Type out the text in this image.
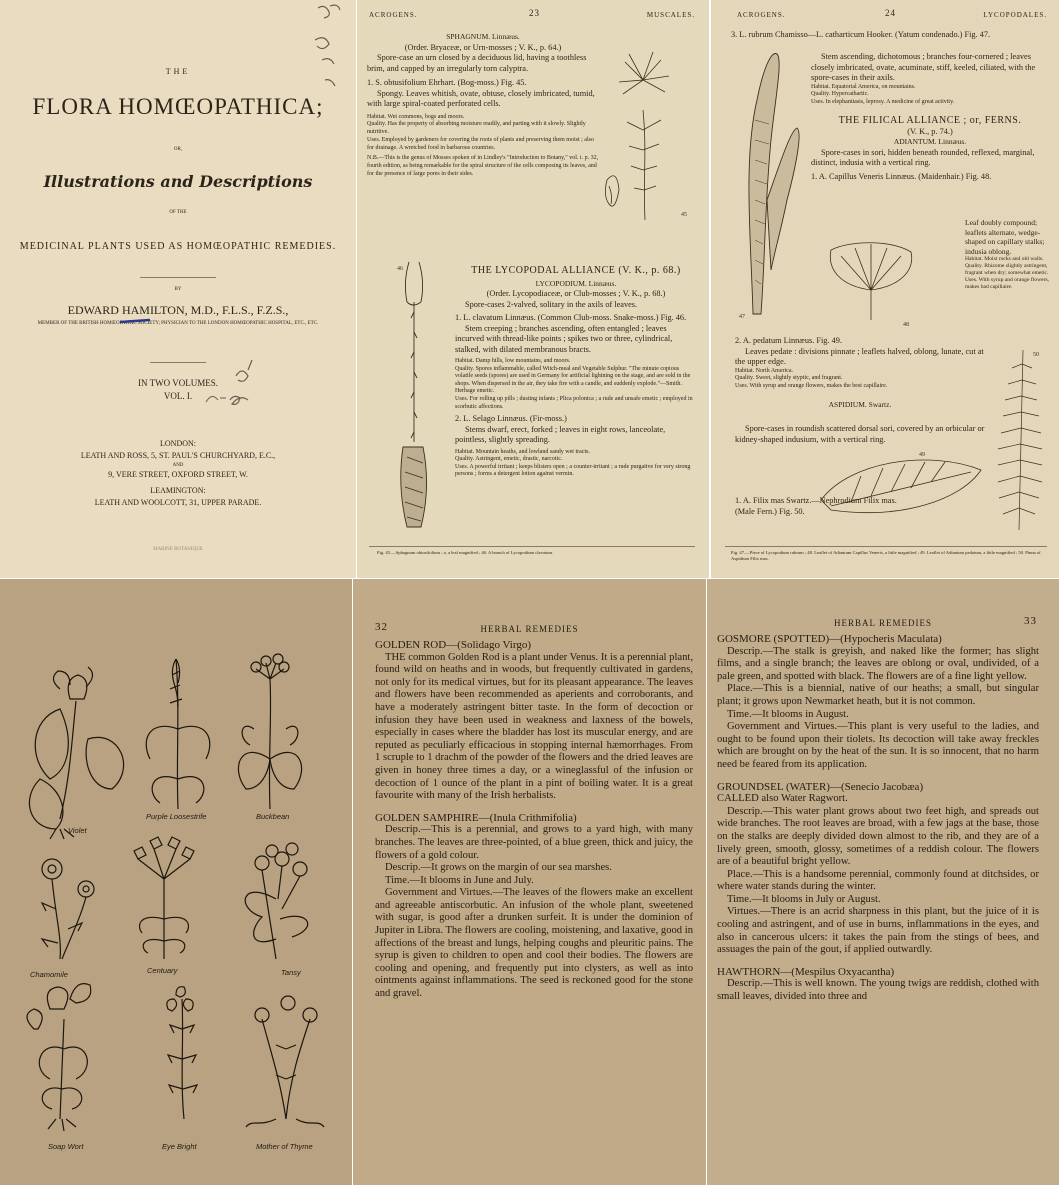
THE
FLORA HOMŒOPATHICA;
OR,
Illustrations and Descriptions
OF THE
MEDICINAL PLANTS USED AS HOMŒOPATHIC REMEDIES.
BY
EDWARD HAMILTON, M.D., F.L.S., F.Z.S.,
MEMBER OF THE BRITISH HOMŒOPATHIC SOCIETY; PHYSICIAN TO THE LONDON HOMŒOPATHIC HOSPITAL, ETC., ETC.
IN TWO VOLUMES.
VOL. I.
LONDON:
LEATH AND ROSS, 5, ST. PAUL'S CHURCHYARD, E.C.,
AND
9, VERE STREET, OXFORD STREET, W.
LEAMINGTON:
LEATH AND WOOLCOTT, 31, UPPER PARADE.
MARINE BOTANIQUE
ACROGENS.	23	MUSCALES.

SPHAGNUM. Linnæus.

(Order. Bryaceæ, or Urn-mosses ; V. K., p. 64.)

Spore-case an urn closed by a deciduous lid, having a toothless brim, and capped by an irregularly torn calyptra.

1. S. obtusifolium Ehrhart. (Bog-moss.) Fig. 45.

Spongy. Leaves whitish, ovate, obtuse, closely imbricated, tumid, with large spiral-coated perforated cells.

Habitat. Wet commons, bogs and moors.

Quality. Has the property of absorbing moisture readily, and parting with it slowly. Slightly nutritive.

Uses. Employed by gardeners for covering the roots of plants and preserving them moist ; also for drainage. A wretched food in barbarous countries.

N.B.—This is the genus of Mosses spoken of in Lindley's "Introduction to Botany," vol. i. p. 32, fourth edition, as being remarkable for the spiral structure of the cells composing its leaves, and for the presence of large pores in their sides.

45
46	THE LYCOPODAL ALLIANCE (V. K., p. 68.)

LYCOPODIUM. Linnæus.

(Order. Lycopodiaceæ, or Club-mosses ; V. K., p. 68.)

Spore-cases 2-valved, solitary in the axils of leaves.

1. L. clavatum Linnæus. (Common Club-moss. Snake-moss.) Fig. 46.

Stem creeping ; branches ascending, often entangled ; leaves incurved with thread-like points ; spikes two or three, cylindrical, stalked, with dilated membranous bracts.

Habitat. Damp hills, low mountains, and moors.

Quality. Spores inflammable, called Witch-meal and Vegetable Sulphur. "The minute copious volatile seeds (spores) are used in Germany for artificial lightning on the stage, and are sold in the shops. When dispersed in the air, they take fire with a candle, and suddenly explode."—Smith. Herbage emetic.

Uses. For rolling up pills ; dusting infants ; Plica polonica ; a rude and unsafe emetic ; employed in scorbutic affections.

2. L. Selago Linnæus. (Fir-moss.)

Stems dwarf, erect, forked ; leaves in eight rows, lanceolate, pointless, slightly spreading.

Habitat. Mountain heaths, and lowland sandy wet tracts.

Quality. Astringent, emetic, drastic, narcotic.

Uses. A powerful irritant ; keeps blisters open ; a counter-irritant ; a rude purgative for very strong persons ; forms a detergent lotion against vermin.

Fig. 45.—Sphagnum obtusifolium ; a, a leaf magnified ; 46. A branch of Lycopodium clavatum.
ACROGENS.	24	LYCOPODALES.
47

3. L. rubrum Chamisso—L. catharticum Hooker. (Yatum condenado.) Fig. 47.

Stem ascending, dichotomous ; branches four-cornered ; leaves closely imbricated, ovate, acuminate, stiff, keeled, ciliated, with the spore-cases in their axils.

Habitat. Equatorial America, on mountains.

Quality. Hypercathartic.

Uses. In elephantiasis, leprosy. A medicine of great activity.

THE FILICAL ALLIANCE ; or, FERNS.

(V. K., p. 74.)

ADIANTUM. Linnæus.

Spore-cases in sori, hidden beneath rounded, reflexed, marginal, distinct, indusia with a vertical ring.

1. A. Capillus Veneris Linnæus. (Maidenhair.) Fig. 48.

48

Leaf doubly compound; leaflets alternate, wedge-shaped on capillary stalks; indusia oblong.

Habitat. Moist rocks and old walls.

Quality. Rhizome slightly astringent, fragrant when dry; somewhat emetic.

Uses. With syrup and orange flowers, makes bad capillaire.

2. A. pedatum Linnæus. Fig. 49.

Leaves pedate : divisions pinnate ; leaflets halved, oblong, lunate, cut at the upper edge.

Habitat. North America.

Quality. Sweet, slightly styptic, and fragrant.

Uses. With syrup and orange flowers, makes the best capillaire.

ASPIDIUM. Swartz.

Spore-cases in roundish scattered dorsal sori, covered by an orbicular or kidney-shaped indusium, with a vertical ring.

1. A. Filix mas Swartz.—Nephrodium Filix mas. (Male Fern.) Fig. 50.

49
50
Fig. 47.—Piece of Lycopodium rubrum ; 48. Leaflet of Adiantum Capillus Veneris, a little magnified ; 49. Leaflet of Adiantum pedatum, a little magnified ; 50. Pinna of Aspidium Filix mas.
Violet
Purple Loosestrife	Buckbean
Chamomile	Centuary	Tansy
Soap Wort	Eye Bright	Mother of Thyme
32	HERBAL REMEDIES

GOLDEN ROD—(Solidago Virgo)

THE common Golden Rod is a plant under Venus. It is a perennial plant, found wild on heaths and in woods, but frequently cultivated in gardens, not only for its medical virtues, but for its pleasant appearance. The leaves and flowers have been recommended as aperients and corroborants, and have a moderately astringent bitter taste. In the form of decoction or infusion they have been used in weakness and laxness of the bowels, especially in cases where the bladder has lost its muscular energy, and are reputed as peculiarly efficacious in stopping internal hæmorrhages. From 1 scruple to 1 drachm of the powder of the flowers and the dried leaves are given in honey three times a day, or a wineglassful of the infusion or decoction of 1 ounce of the plant in a pint of boiling water. It is a great favourite with many of the Irish herbalists.

GOLDEN SAMPHIRE—(Inula Crithmifolia)

Descrip.—This is a perennial, and grows to a yard high, with many branches. The leaves are three-pointed, of a blue green, thick and juicy, the flowers of a gold colour.

Descrip.—It grows on the margin of our sea marshes.

Time.—It blooms in June and July.

Government and Virtues.—The leaves of the flowers make an excellent and agreeable antiscorbutic. An infusion of the whole plant, sweetened with sugar, is good after a drunken surfeit. It is under the dominion of Jupiter in Libra. The flowers are cooling, moistening, and laxative, good in affections of the breast and lungs, helping coughs and pleuritic pains. The syrup is given to children to open and cool their bodies. The flowers are cooling and opening, and frequently put into clysters, as well as into ointments against inflammations. The seed is reckoned good for the stone and gravel.

HERBAL REMEDIES	33

GOSMORE (SPOTTED)—(Hypocheris Maculata)

Descrip.—The stalk is greyish, and naked like the former; has slight films, and a single branch; the leaves are oblong or oval, undivided, of a pale green, and spotted with black. The flowers are of a fine light yellow.

Place.—This is a biennial, native of our heaths; a small, but singular plant; it grows upon Newmarket heath, but it is not common.

Time.—It blooms in August.

Government and Virtues.—This plant is very useful to the ladies, and ought to be found upon their tiolets. Its decoction will take away freckles which are brought on by the heat of the sun. It is so innocent, that no harm need be feared from its application.

GROUNDSEL (WATER)—(Senecio Jacobæa)

CALLED also Water Ragwort.

Descrip.—This water plant grows about two feet high, and spreads out wide branches. The root leaves are broad, with a few jags at the base, those on the stalks are deeply divided down almost to the rib, and they are of a lively green, smooth, glossy, sometimes of a reddish colour. The flowers are of a beautiful bright yellow.

Place.—This is a handsome perennial, commonly found at ditchsides, or where water stands during the winter.

Time.—It blooms in July or August.

Virtues.—There is an acrid sharpness in this plant, but the juice of it is cooling and astringent, and of use in burns, inflammations in the eyes, and also in cancerous ulcers: it takes the pain from the stings of bees, and assuages the pain of the gout, if applied outwardly.

HAWTHORN—(Mespilus Oxyacantha)

Descrip.—This is well known. The young twigs are reddish, clothed with small leaves, divided into three and
